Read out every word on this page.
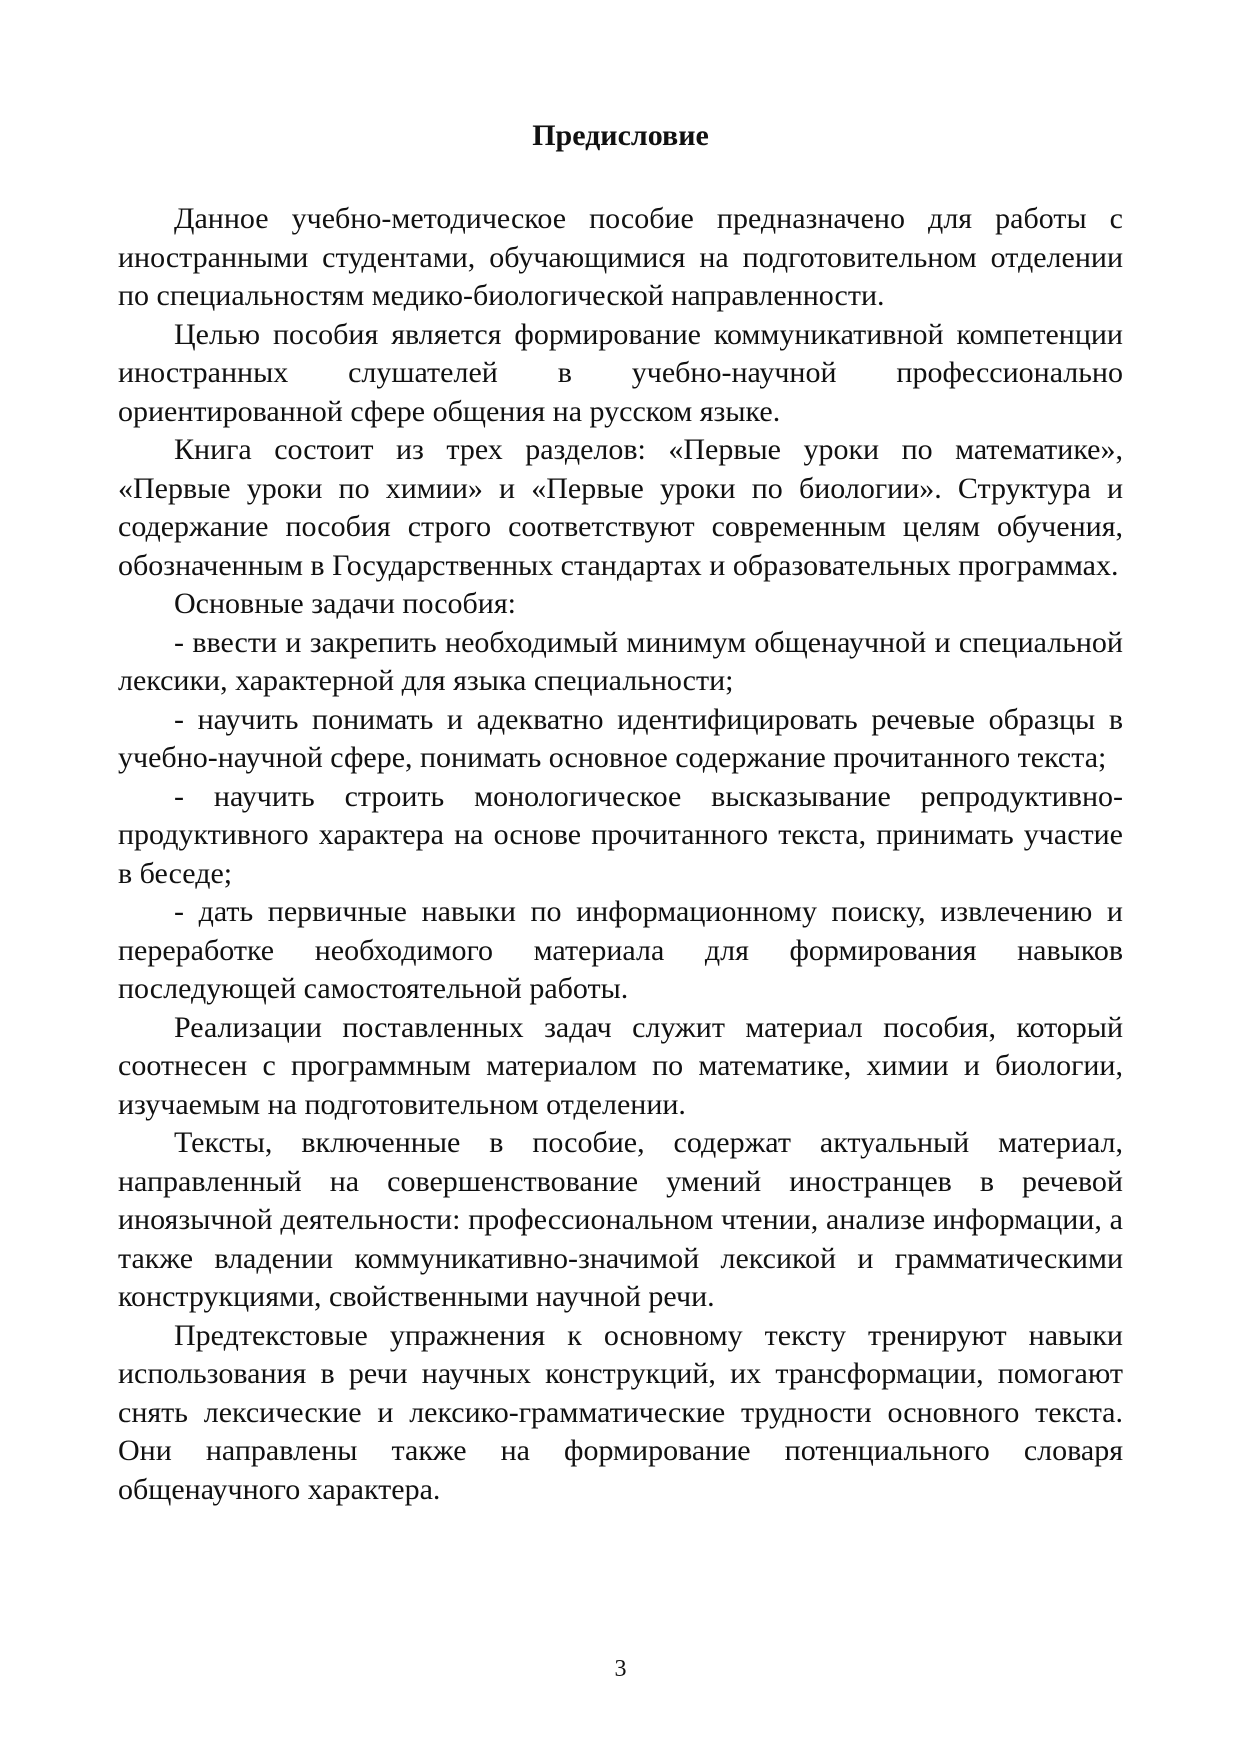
Предисловие

Данное учебно-методическое пособие предназначено для работы с иностранными студентами, обучающимися на подготовительном отделении по специальностям медико-биологической направленности.

Целью пособия является формирование коммуникативной компетенции иностранных слушателей в учебно-научной профессионально ориентированной сфере общения на русском языке.

Книга состоит из трех разделов: «Первые уроки по математике», «Первые уроки по химии» и «Первые уроки по биологии». Структура и содержание пособия строго соответствуют современным целям обучения, обозначенным в Государственных стандартах и образовательных программах.

Основные задачи пособия:

- ввести и закрепить необходимый минимум общенаучной и специальной лексики, характерной для языка специальности;

- научить понимать и адекватно идентифицировать речевые образцы в учебно-научной сфере, понимать основное содержание прочитанного текста;

- научить строить монологическое высказывание репродуктивно-продуктивного характера на основе прочитанного текста, принимать участие в беседе;

- дать первичные навыки по информационному поиску, извлечению и переработке необходимого материала для формирования навыков последующей самостоятельной работы.

Реализации поставленных задач служит материал пособия, который соотнесен с программным материалом по математике, химии и биологии, изучаемым на подготовительном отделении.

Тексты, включенные в пособие, содержат актуальный материал, направленный на совершенствование умений иностранцев в речевой иноязычной деятельности: профессиональном чтении, анализе информации, а также владении коммуникативно-значимой лексикой и грамматическими конструкциями, свойственными научной речи.

Предтекстовые упражнения к основному тексту тренируют навыки использования в речи научных конструкций, их трансформации, помогают снять лексические и лексико-грамматические трудности основного текста. Они направлены также на формирование потенциального словаря общенаучного характера.

3
